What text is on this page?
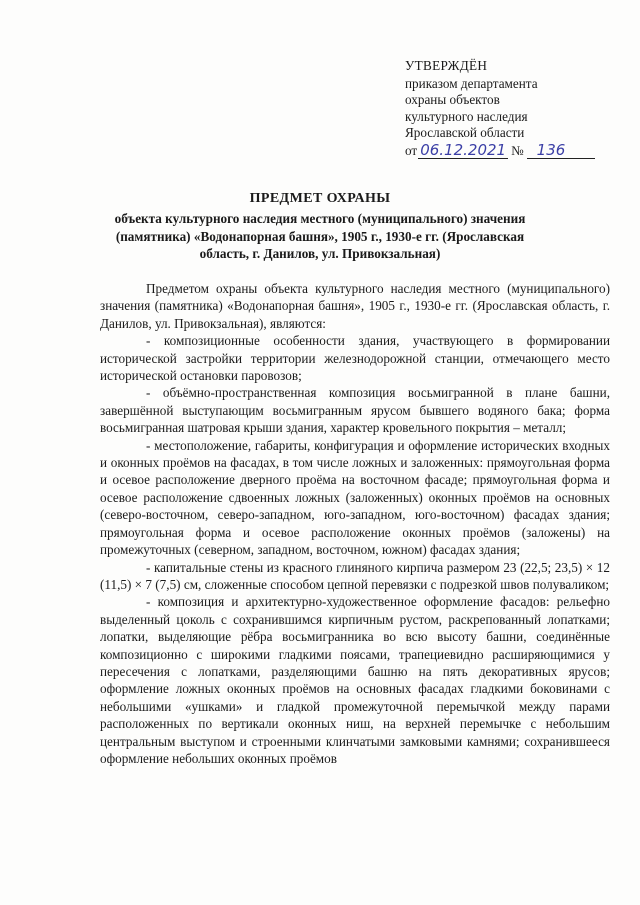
УТВЕРЖДЁН
приказом департамента
охраны объектов
культурного наследия
Ярославской области
от 06.12.2021 № 136
ПРЕДМЕТ ОХРАНЫ
объекта культурного наследия местного (муниципального) значения (памятника) «Водонапорная башня», 1905 г., 1930-е гг. (Ярославская область, г. Данилов, ул. Привокзальная)

Предметом охраны объекта культурного наследия местного (муниципального) значения (памятника) «Водонапорная башня», 1905 г., 1930-е гг. (Ярославская область, г. Данилов, ул. Привокзальная), являются:

- композиционные особенности здания, участвующего в формировании исторической застройки территории железнодорожной станции, отмечающего место исторической остановки паровозов;

- объёмно-пространственная композиция восьмигранной в плане башни, завершённой выступающим восьмигранным ярусом бывшего водяного бака; форма восьмигранная шатровая крыши здания, характер кровельного покрытия – металл;

- местоположение, габариты, конфигурация и оформление исторических входных и оконных проёмов на фасадах, в том числе ложных и заложенных: прямоугольная форма и осевое расположение дверного проёма на восточном фасаде; прямоугольная форма и осевое расположение сдвоенных ложных (заложенных) оконных проёмов на основных (северо-восточном, северо-западном, юго-западном, юго-восточном) фасадах здания; прямоугольная форма и осевое расположение оконных проёмов (заложены) на промежуточных (северном, западном, восточном, южном) фасадах здания;

- капитальные стены из красного глиняного кирпича размером 23 (22,5; 23,5) × 12 (11,5) × 7 (7,5) см, сложенные способом цепной перевязки с подрезкой швов полуваликом;

- композиция и архитектурно-художественное оформление фасадов: рельефно выделенный цоколь с сохранившимся кирпичным рустом, раскрепованный лопатками; лопатки, выделяющие рёбра восьмигранника во всю высоту башни, соединённые композиционно с широкими гладкими поясами, трапециевидно расширяющимися у пересечения с лопатками, разделяющими башню на пять декоративных ярусов; оформление ложных оконных проёмов на основных фасадах гладкими боковинами с небольшими «ушками» и гладкой промежуточной перемычкой между парами расположенных по вертикали оконных ниш, на верхней перемычке с небольшим центральным выступом и строенными клинчатыми замковыми камнями; сохранившееся оформление небольших оконных проёмов
